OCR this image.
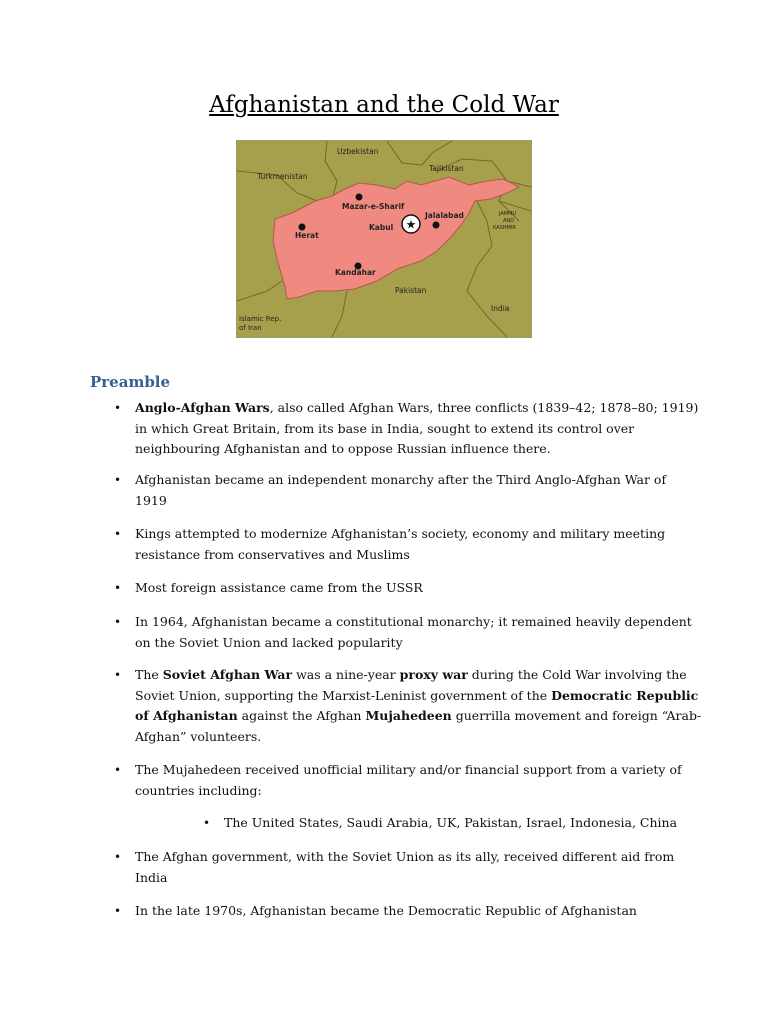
Afghanistan and the Cold War
★
Uzbekistan
Tajikistan
Turkmenistan
Mazar-e-Sharif
Jalalabad
Kabul
Herat
Kandahar
Pakistan
India
Islamic Rep.
of Iran
JAMMU
AND
KASHMIR
Preamble
• Anglo-Afghan Wars, also called Afghan Wars, three conflicts (1839–42; 1878–80; 1919)
in which Great Britain, from its base in India, sought to extend its control over
neighbouring Afghanistan and to oppose Russian influence there.
• Afghanistan became an independent monarchy after the Third Anglo-Afghan War of
1919
• Kings attempted to modernize Afghanistan’s society, economy and military meeting
resistance from conservatives and Muslims
• Most foreign assistance came from the USSR
• In 1964, Afghanistan became a constitutional monarchy; it remained heavily dependent
on the Soviet Union and lacked popularity
• The Soviet Afghan War was a nine-year proxy war during the Cold War involving the
Soviet Union, supporting the Marxist-Leninist government of the Democratic Republic
of Afghanistan against the Afghan Mujahedeen guerrilla movement and foreign “Arab-
Afghan” volunteers.
• The Mujahedeen received unofficial military and/or financial support from a variety of
countries including:
• The United States, Saudi Arabia, UK, Pakistan, Israel, Indonesia, China
• The Afghan government, with the Soviet Union as its ally, received different aid from
India
• In the late 1970s, Afghanistan became the Democratic Republic of Afghanistan
